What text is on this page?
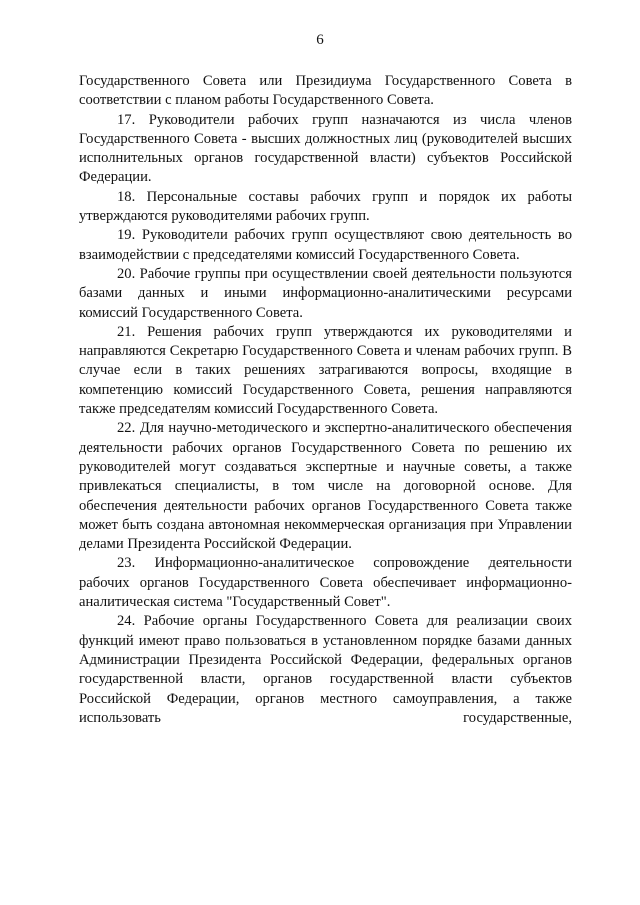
6

Государственного Совета или Президиума Государственного Совета в соответствии с планом работы Государственного Совета.

17. Руководители рабочих групп назначаются из числа членов Государственного Совета - высших должностных лиц (руководителей высших исполнительных органов государственной власти) субъектов Российской Федерации.

18. Персональные составы рабочих групп и порядок их работы утверждаются руководителями рабочих групп.

19. Руководители рабочих групп осуществляют свою деятельность во взаимодействии с председателями комиссий Государственного Совета.

20. Рабочие группы при осуществлении своей деятельности пользуются базами данных и иными информационно-аналитическими ресурсами комиссий Государственного Совета.

21. Решения рабочих групп утверждаются их руководителями и направляются Секретарю Государственного Совета и членам рабочих групп. В случае если в таких решениях затрагиваются вопросы, входящие в компетенцию комиссий Государственного Совета, решения направляются также председателям комиссий Государственного Совета.

22. Для научно-методического и экспертно-аналитического обеспечения деятельности рабочих органов Государственного Совета по решению их руководителей могут создаваться экспертные и научные советы, а также привлекаться специалисты, в том числе на договорной основе. Для обеспечения деятельности рабочих органов Государственного Совета также может быть создана автономная некоммерческая организация при Управлении делами Президента Российской Федерации.

23. Информационно-аналитическое сопровождение деятельности рабочих органов Государственного Совета обеспечивает информационно-аналитическая система "Государственный Совет".

24. Рабочие органы Государственного Совета для реализации своих функций имеют право пользоваться в установленном порядке базами данных Администрации Президента Российской Федерации, федеральных органов государственной власти, органов государственной власти субъектов Российской Федерации, органов местного самоуправления, а также использовать государственные,
